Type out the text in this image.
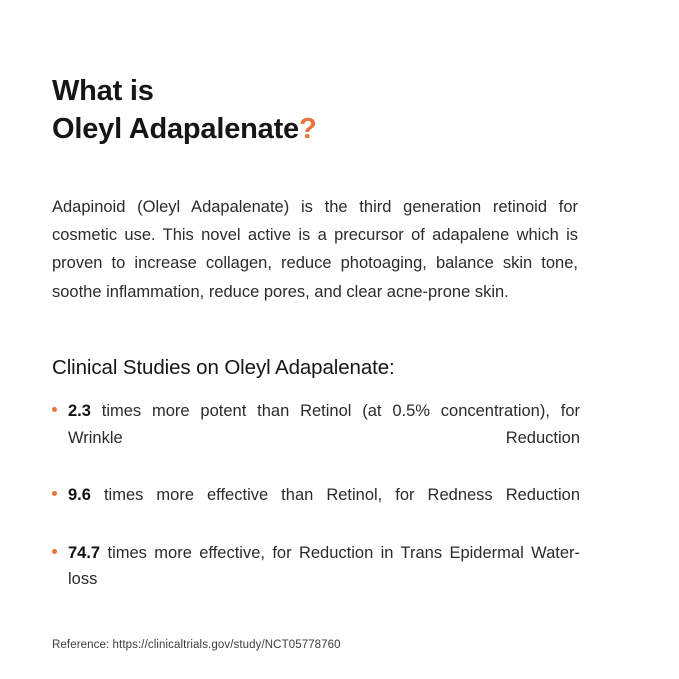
What is
Oleyl Adapalenate?

Adapinoid (Oleyl Adapalenate) is the third generation retinoid for cosmetic use. This novel active is a precursor of adapalene which is proven to increase collagen, reduce photoaging, balance skin tone, soothe inflammation, reduce pores, and clear acne-prone skin.

Clinical Studies on Oleyl Adapalenate:
2.3 times more potent than Retinol (at 0.5% concentration), for Wrinkle Reduction
9.6 times more effective than Retinol, for Redness Reduction
74.7 times more effective, for Reduction in Trans Epidermal Water-loss
Reference: https://clinicaltrials.gov/study/NCT05778760
